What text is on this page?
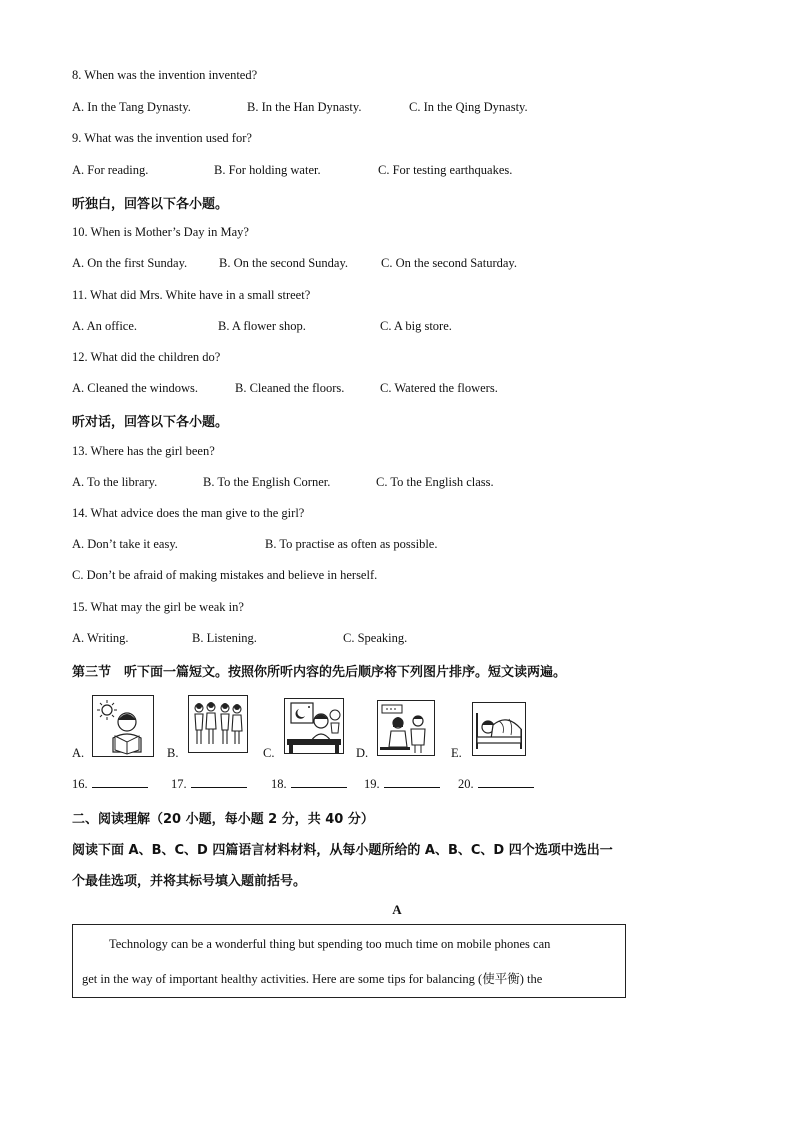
8. When was the invention invented?
A. In the Tang Dynasty.	B. In the Han Dynasty.	C. In the Qing Dynasty.
9. What was the invention used for?
A. For reading.	B. For holding water.	C. For testing earthquakes.
听独白，回答以下各小题。
10. When is Mother’s Day in May?
A. On the first Sunday.	B. On the second Sunday.	C. On the second Saturday.
11. What did Mrs. White have in a small street?
A. An office.	B. A flower shop.	C. A big store.
12. What did the children do?
A. Cleaned the windows.	B. Cleaned the floors.	C. Watered the flowers.
听对话，回答以下各小题。
13. Where has the girl been?
A. To the library.	B. To the English Corner.	C. To the English class.
14. What advice does the man give to the girl?
A. Don’t take it easy.	B. To practise as often as possible.
C. Don’t be afraid of making mistakes and believe in herself.
15. What may the girl be weak in?
A. Writing.	B. Listening.	C. Speaking.
第三节　听下面一篇短文。按照你所听内容的先后顺序将下列图片排序。短文读两遍。
A.	B.	C.	D.	E.
16.	17.	18.	19.	20.
二、阅读理解（20 小题，每小题 2 分，共 40 分）
阅读下面 A、B、C、D 四篇语言材料材料，从每小题所给的 A、B、C、D 四个选项中选出一
个最佳选项，并将其标号填入题前括号。
A

Technology can be a wonderful thing but spending too much time on mobile phones can

get in the way of important healthy activities. Here are some tips for balancing (使平衡) the
